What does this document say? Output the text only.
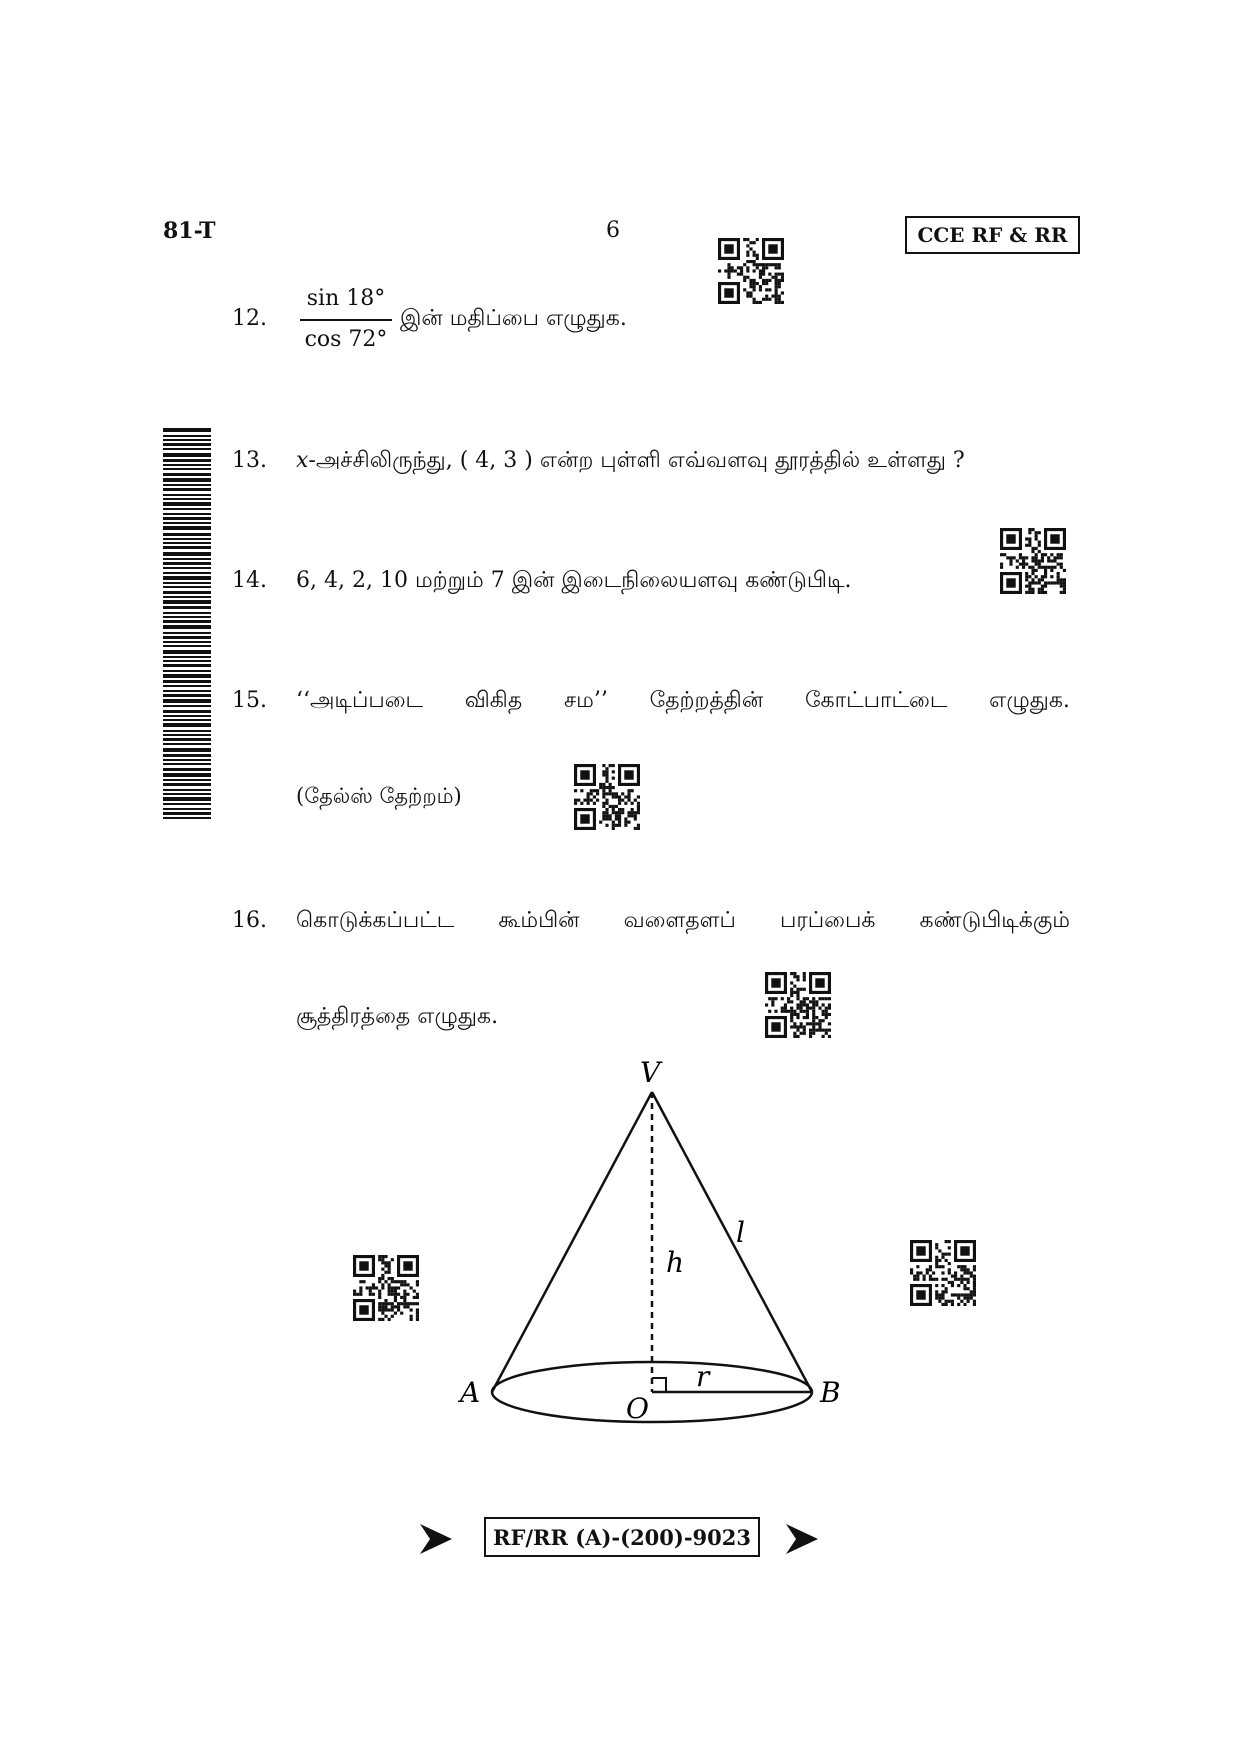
81-T	6	CCE RF & RR
12.
sin 18°
cos 72°
இன் மதிப்பை எழுதுக.
13. x-அச்சிலிருந்து, ( 4, 3 ) என்ற புள்ளி எவ்வளவு தூரத்தில் உள்ளது ?
14. 6, 4, 2, 10 மற்றும் 7 இன் இடைநிலையளவு கண்டுபிடி.
15. ‘‘அடிப்படை விகித சம’’ தேற்றத்தின் கோட்பாட்டை எழுதுக.
(தேல்ஸ் தேற்றம்)
16. கொடுக்கப்பட்ட கூம்பின் வளைதளப் பரப்பைக் கண்டுபிடிக்கும்
சூத்திரத்தை எழுதுக.
V
A	B
O
h
l
r
RF/RR (A)-(200)-9023
